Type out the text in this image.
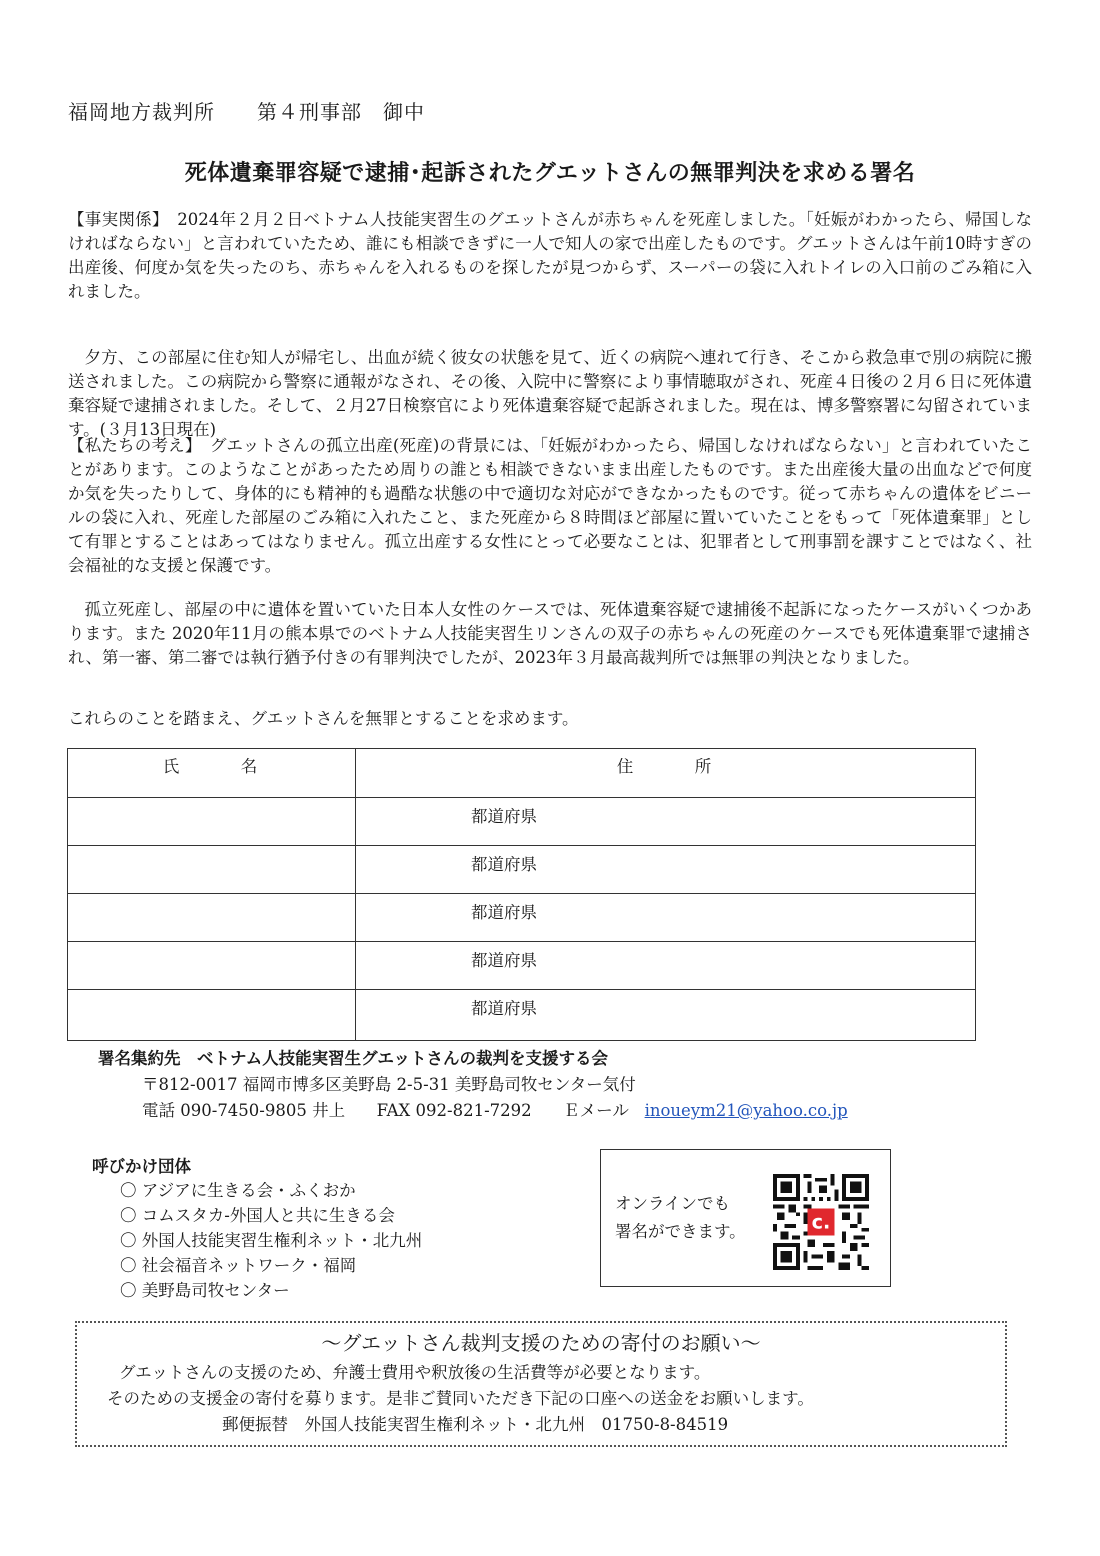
福岡地方裁判所　　第４刑事部　御中
死体遺棄罪容疑で逮捕･起訴されたグエットさんの無罪判決を求める署名
【事実関係】　2024年２月２日ベトナム人技能実習生のグエットさんが赤ちゃんを死産しました。「妊娠がわかったら、帰国しなければならない」と言われていたため、誰にも相談できずに一人で知人の家で出産したものです。グエットさんは午前10時すぎの出産後、何度か気を失ったのち、赤ちゃんを入れるものを探したが見つからず、スーパーの袋に入れトイレの入口前のごみ箱に入れました。
夕方、この部屋に住む知人が帰宅し、出血が続く彼女の状態を見て、近くの病院へ連れて行き、そこから救急車で別の病院に搬送されました。この病院から警察に通報がなされ、その後、入院中に警察により事情聴取がされ、死産４日後の２月６日に死体遺棄容疑で逮捕されました。そして、２月27日検察官により死体遺棄容疑で起訴されました。現在は、博多警察署に勾留されています。(３月13日現在)
【私たちの考え】　グエットさんの孤立出産(死産)の背景には、「妊娠がわかったら、帰国しなければならない」と言われていたことがあります。このようなことがあったため周りの誰とも相談できないまま出産したものです。また出産後大量の出血などで何度か気を失ったりして、身体的にも精神的も過酷な状態の中で適切な対応ができなかったものです。従って赤ちゃんの遺体をビニールの袋に入れ、死産した部屋のごみ箱に入れたこと、また死産から８時間ほど部屋に置いていたことをもって「死体遺棄罪」として有罪とすることはあってはなりません。孤立出産する女性にとって必要なことは、犯罪者として刑事罰を課すことではなく、社会福祉的な支援と保護です。
孤立死産し、部屋の中に遺体を置いていた日本人女性のケースでは、死体遺棄容疑で逮捕後不起訴になったケースがいくつかあります。また 2020年11月の熊本県でのベトナム人技能実習生リンさんの双子の赤ちゃんの死産のケースでも死体遺棄罪で逮捕され、第一審、第二審では執行猶予付きの有罪判決でしたが、2023年３月最高裁判所では無罪の判決となりました。
これらのことを踏まえ、グエットさんを無罪とすることを求めます。
氏　　　名	住　　　所
都道府県
都道府県
都道府県
都道府県
都道府県
署名集約先　ベトナム人技能実習生グエットさんの裁判を支援する会
〒812-0017 福岡市博多区美野島 2-5-31 美野島司牧センター気付
電話 090-7450-9805 井上 FAX 092-821-7292 Ｅメール inoueym21@yahoo.co.jp
呼びかけ団体
〇 アジアに生きる会・ふくおか
〇 コムスタカ-外国人と共に生きる会
〇 外国人技能実習生権利ネット・北九州
〇 社会福音ネットワーク・福岡
〇 美野島司牧センター
オンラインでも
署名ができます。	c.
～グエットさん裁判支援のための寄付のお願い～
グエットさんの支援のため、弁護士費用や釈放後の生活費等が必要となります。
そのための支援金の寄付を募ります。是非ご賛同いただき下記の口座への送金をお願いします。
郵便振替　外国人技能実習生権利ネット・北九州　01750-8-84519
